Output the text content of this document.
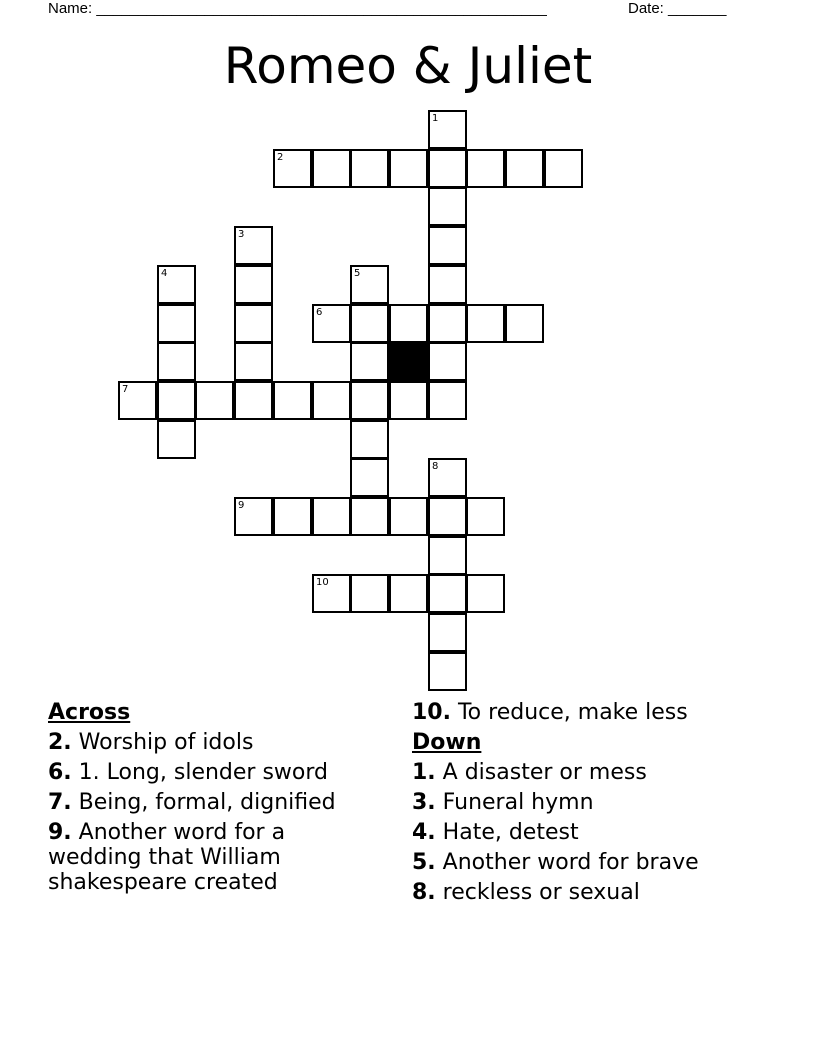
Name: ______________________________________________________	Date: _______
Romeo & Juliet
1
2
3
4	5
6
7
8
9
10
Across
2. Worship of idols
6. 1. Long, slender sword
7. Being, formal, dignified
9. Another word for a wedding that William shakespeare created
10. To reduce, make less
Down
1. A disaster or mess
3. Funeral hymn
4. Hate, detest
5. Another word for brave
8. reckless or sexual
